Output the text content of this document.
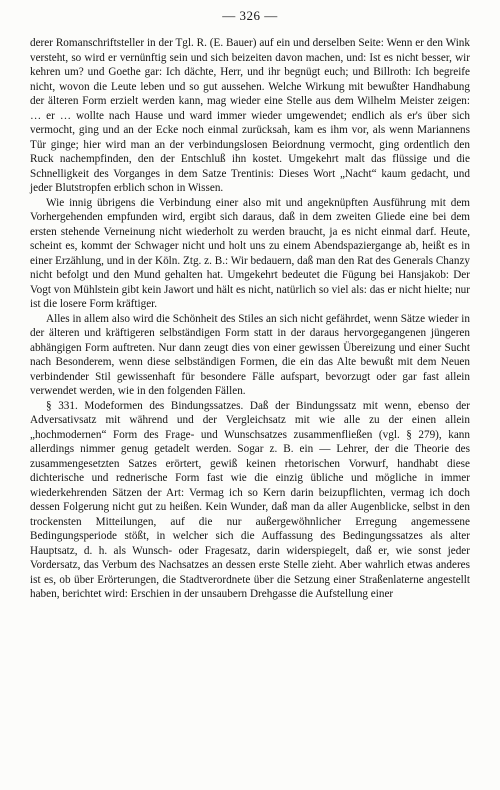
— 326 —

derer Romanschriftsteller in der Tgl. R. (E. Bauer) auf ein und derselben Seite: Wenn er den Wink versteht, so wird er vernünftig sein und sich beizeiten davon machen, und: Ist es nicht besser, wir kehren um? und Goethe gar: Ich dächte, Herr, und ihr begnügt euch; und Billroth: Ich begreife nicht, wovon die Leute leben und so gut aussehen. Welche Wirkung mit bewußter Handhabung der älteren Form erzielt werden kann, mag wieder eine Stelle aus dem Wilhelm Meister zeigen: … er … wollte nach Hause und ward immer wieder umgewendet; endlich als er's über sich vermocht, ging und an der Ecke noch einmal zurücksah, kam es ihm vor, als wenn Mariannens Tür ginge; hier wird man an der verbindungslosen Beiordnung vermocht, ging ordentlich den Ruck nachempfinden, den der Entschluß ihn kostet. Umgekehrt malt das flüssige und die Schnelligkeit des Vorganges in dem Satze Trentinis: Dieses Wort „Nacht“ kaum gedacht, und jeder Blutstropfen erblich schon in Wissen.

Wie innig übrigens die Verbindung einer also mit und angeknüpften Ausführung mit dem Vorhergehenden empfunden wird, ergibt sich daraus, daß in dem zweiten Gliede eine bei dem ersten stehende Verneinung nicht wiederholt zu werden braucht, ja es nicht einmal darf. Heute, scheint es, kommt der Schwager nicht und holt uns zu einem Abendspaziergange ab, heißt es in einer Erzählung, und in der Köln. Ztg. z. B.: Wir bedauern, daß man den Rat des Generals Chanzy nicht befolgt und den Mund gehalten hat. Umgekehrt bedeutet die Fügung bei Hansjakob: Der Vogt von Mühlstein gibt kein Jawort und hält es nicht, natürlich so viel als: das er nicht hielte; nur ist die losere Form kräftiger.

Alles in allem also wird die Schönheit des Stiles an sich nicht gefährdet, wenn Sätze wieder in der älteren und kräftigeren selbständigen Form statt in der daraus hervorgegangenen jüngeren abhängigen Form auftreten. Nur dann zeugt dies von einer gewissen Übereizung und einer Sucht nach Besonderem, wenn diese selbständigen Formen, die ein das Alte bewußt mit dem Neuen verbindender Stil gewissenhaft für besondere Fälle aufspart, bevorzugt oder gar fast allein verwendet werden, wie in den folgenden Fällen.

§ 331. Modeformen des Bindungssatzes. Daß der Bindungssatz mit wenn, ebenso der Adversativsatz mit während und der Vergleichsatz mit wie alle zu der einen allein „hochmodernen“ Form des Frage- und Wunschsatzes zusammenfließen (vgl. § 279), kann allerdings nimmer genug getadelt werden. Sogar z. B. ein — Lehrer, der die Theorie des zusammengesetzten Satzes erörtert, gewiß keinen rhetorischen Vorwurf, handhabt diese dichterische und rednerische Form fast wie die einzig übliche und mögliche in immer wiederkehrenden Sätzen der Art: Vermag ich so Kern darin beizupflichten, vermag ich doch dessen Folgerung nicht gut zu heißen. Kein Wunder, daß man da aller Augenblicke, selbst in den trockensten Mitteilungen, auf die nur außergewöhnlicher Erregung angemessene Bedingungsperiode stößt, in welcher sich die Auffassung des Bedingungssatzes als alter Hauptsatz, d. h. als Wunsch- oder Fragesatz, darin widerspiegelt, daß er, wie sonst jeder Vordersatz, das Verbum des Nachsatzes an dessen erste Stelle zieht. Aber wahrlich etwas anderes ist es, ob über Erörterungen, die Stadtverordnete über die Setzung einer Straßenlaterne angestellt haben, berichtet wird: Erschien in der unsaubern Drehgasse die Aufstellung einer
